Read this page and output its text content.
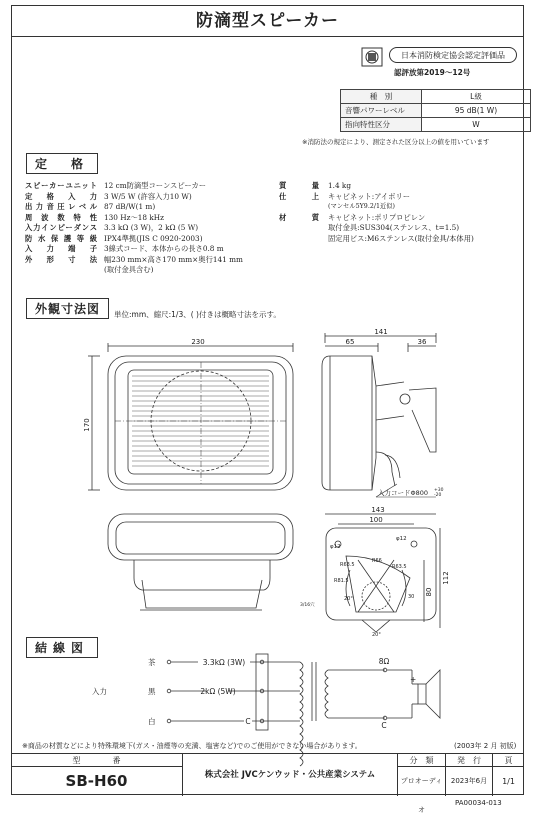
防滴型スピーカー
日本消防検定協会認定評価品
認評放第2019〜12号
種　別	L級
音響パワーレベル	95 dB(1 W)
指向特性区分	W
※消防法の規定により、測定された区分以上の値を用いています
定　格
外観寸法図
結線図
スピーカーユニット 12 cm防滴型コーンスピーカー
定格入力 3 W/5 W (許容入力10 W)
出力音圧レベル 87 dB/W(1 m)
周波数特性 130 Hz〜18 kHz
入力インピーダンス 3.3 kΩ (3 W)，2 kΩ (5 W)
防水保護等級 IPX4準拠(JIS C 0920-2003)
入力端子 3線式コード、本体からの長さ0.8 m
外形寸法 幅230 mm×高さ170 mm×奥行141 mm
(取付金具含む)
質量 1.4 kg
仕上 キャビネット:アイボリー
(マンセル5Y9.2/1近似)
材質 キャビネット:ポリプロピレン
取付金具:SUS304(ステンレス、t=1.5)
固定用ビス:M6ステンレス(取付金具/本体用)
単位:mm、縮尺:1/3、( )付きは概略寸法を示す。
230
170
141
65	36
入力コードΦ800 +30
-20
143
100
112
80
φ12
φ12
R63.5
R66
R63.5
R81.5
20°
20°
30
3/16穴
茶
黒
白
入力
3.3kΩ (3W)
2kΩ (5W)
C
8Ω
C
+
※商品の材質などにより特殊環境下(ガス・油煙等の充満、塩害など)でのご使用ができない場合があります。	(2003年 2 月 初版)
型　　　　番
SB-H60	株式会社 JVCケンウッド・公共産業システム
分　類
プロオーディオ
発　行
2023年6月
頁
1/1
PA00034-013
